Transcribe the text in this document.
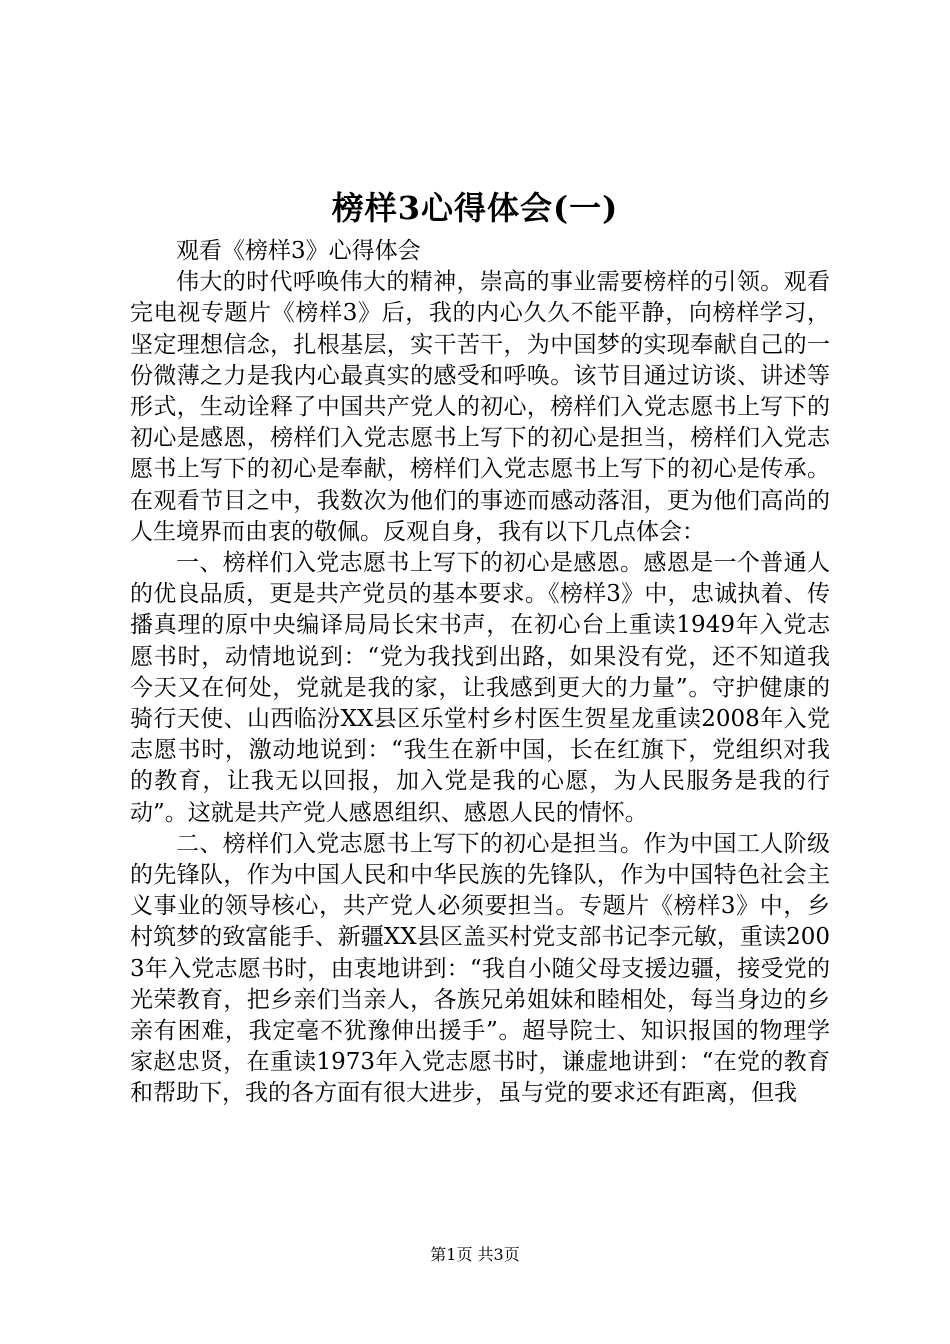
榜样3心得体会(一)

观看《榜样3》心得体会

伟大的时代呼唤伟大的精神，崇高的事业需要榜样的引领。观看完电视专题片《榜样3》后，我的内心久久不能平静，向榜样学习，坚定理想信念，扎根基层，实干苦干，为中国梦的实现奉献自己的一份微薄之力是我内心最真实的感受和呼唤。该节目通过访谈、讲述等形式，生动诠释了中国共产党人的初心，榜样们入党志愿书上写下的初心是感恩，榜样们入党志愿书上写下的初心是担当，榜样们入党志愿书上写下的初心是奉献，榜样们入党志愿书上写下的初心是传承。在观看节目之中，我数次为他们的事迹而感动落泪，更为他们高尚的人生境界而由衷的敬佩。反观自身，我有以下几点体会：

一、榜样们入党志愿书上写下的初心是感恩。感恩是一个普通人的优良品质，更是共产党员的基本要求。《榜样3》中，忠诚执着、传播真理的原中央编译局局长宋书声，在初心台上重读1949年入党志愿书时，动情地说到：“党为我找到出路，如果没有党，还不知道我今天又在何处，党就是我的家，让我感到更大的力量”。守护健康的骑行天使、山西临汾XX县区乐堂村乡村医生贺星龙重读2008年入党志愿书时，激动地说到：“我生在新中国，长在红旗下，党组织对我的教育，让我无以回报，加入党是我的心愿，为人民服务是我的行动”。这就是共产党人感恩组织、感恩人民的情怀。

二、榜样们入党志愿书上写下的初心是担当。作为中国工人阶级的先锋队，作为中国人民和中华民族的先锋队，作为中国特色社会主义事业的领导核心，共产党人必须要担当。专题片《榜样3》中，乡村筑梦的致富能手、新疆XX县区盖买村党支部书记李元敏，重读2003年入党志愿书时，由衷地讲到：“我自小随父母支援边疆，接受党的光荣教育，把乡亲们当亲人，各族兄弟姐妹和睦相处，每当身边的乡亲有困难，我定毫不犹豫伸出援手”。超导院士、知识报国的物理学家赵忠贤，在重读1973年入党志愿书时，谦虚地讲到：“在党的教育和帮助下，我的各方面有很大进步，虽与党的要求还有距离，但我

第1页 共3页
